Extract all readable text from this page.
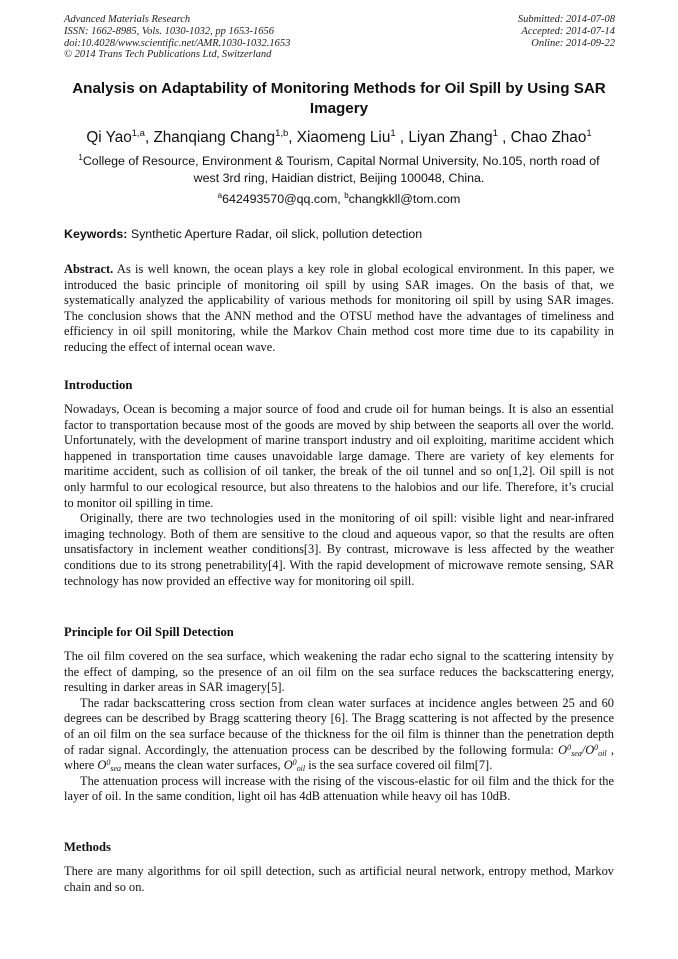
Advanced Materials Research
ISSN: 1662-8985, Vols. 1030-1032, pp 1653-1656
doi:10.4028/www.scientific.net/AMR.1030-1032.1653
© 2014 Trans Tech Publications Ltd, Switzerland
Submitted: 2014-07-08
Accepted: 2014-07-14
Online: 2014-09-22
Analysis on Adaptability of Monitoring Methods for Oil Spill by Using SAR Imagery
Qi Yao$^{1,a}$, Zhanqiang Chang$^{1,b}$, Xiaomeng Liu$^1$ , Liyan Zhang$^1$ , Chao Zhao$^1$
$^1$College of Resource, Environment & Tourism, Capital Normal University, No.105, north road of west 3rd ring, Haidian district, Beijing 100048, China.
$^a$642493570@qq.com, $^b$changkkll@tom.com
Keywords: Synthetic Aperture Radar, oil slick, pollution detection
Abstract. As is well known, the ocean plays a key role in global ecological environment. In this paper, we introduced the basic principle of monitoring oil spill by using SAR images. On the basis of that, we systematically analyzed the applicability of various methods for monitoring oil spill by using SAR images. The conclusion shows that the ANN method and the OTSU method have the advantages of timeliness and efficiency in oil spill monitoring, while the Markov Chain method cost more time due to its capability in reducing the effect of internal ocean wave.
Introduction

Nowadays, Ocean is becoming a major source of food and crude oil for human beings. It is also an essential factor to transportation because most of the goods are moved by ship between the seaports all over the world. Unfortunately, with the development of marine transport industry and oil exploiting, maritime accident which happened in transportation time causes unavoidable large damage. There are variety of key elements for maritime accident, such as collision of oil tanker, the break of the oil tunnel and so on[1,2]. Oil spill is not only harmful to our ecological resource, but also threatens to the halobios and our life. Therefore, it’s crucial to monitor oil spilling in time.

Originally, there are two technologies used in the monitoring of oil spill: visible light and near-infrared imaging technology. Both of them are sensitive to the cloud and aqueous vapor, so that the results are often unsatisfactory in inclement weather conditions[3]. By contrast, microwave is less affected by the weather conditions due to its strong penetrability[4]. With the rapid development of microwave remote sensing, SAR technology has now provided an effective way for monitoring oil spill.

Principle for Oil Spill Detection

The oil film covered on the sea surface, which weakening the radar echo signal to the scattering intensity by the effect of damping, so the presence of an oil film on the sea surface reduces the backscattering energy, resulting in darker areas in SAR imagery[5].

The radar backscattering cross section from clean water surfaces at incidence angles between 25 and 60 degrees can be described by Bragg scattering theory [6]. The Bragg scattering is not affected by the presence of an oil film on the sea surface because of the thickness for the oil film is thinner than the penetration depth of radar signal. Accordingly, the attenuation process can be described by the following formula: $O^0_{sea}/O^0_{oil}$ , where $O^0_{sea}$ means the clean water surfaces, $O^0_{oil}$ is the sea surface covered oil film[7].

The attenuation process will increase with the rising of the viscous-elastic for oil film and the thick for the layer of oil. In the same condition, light oil has 4dB attenuation while heavy oil has 10dB.

Methods

There are many algorithms for oil spill detection, such as artificial neural network, entropy method, Markov chain and so on.
